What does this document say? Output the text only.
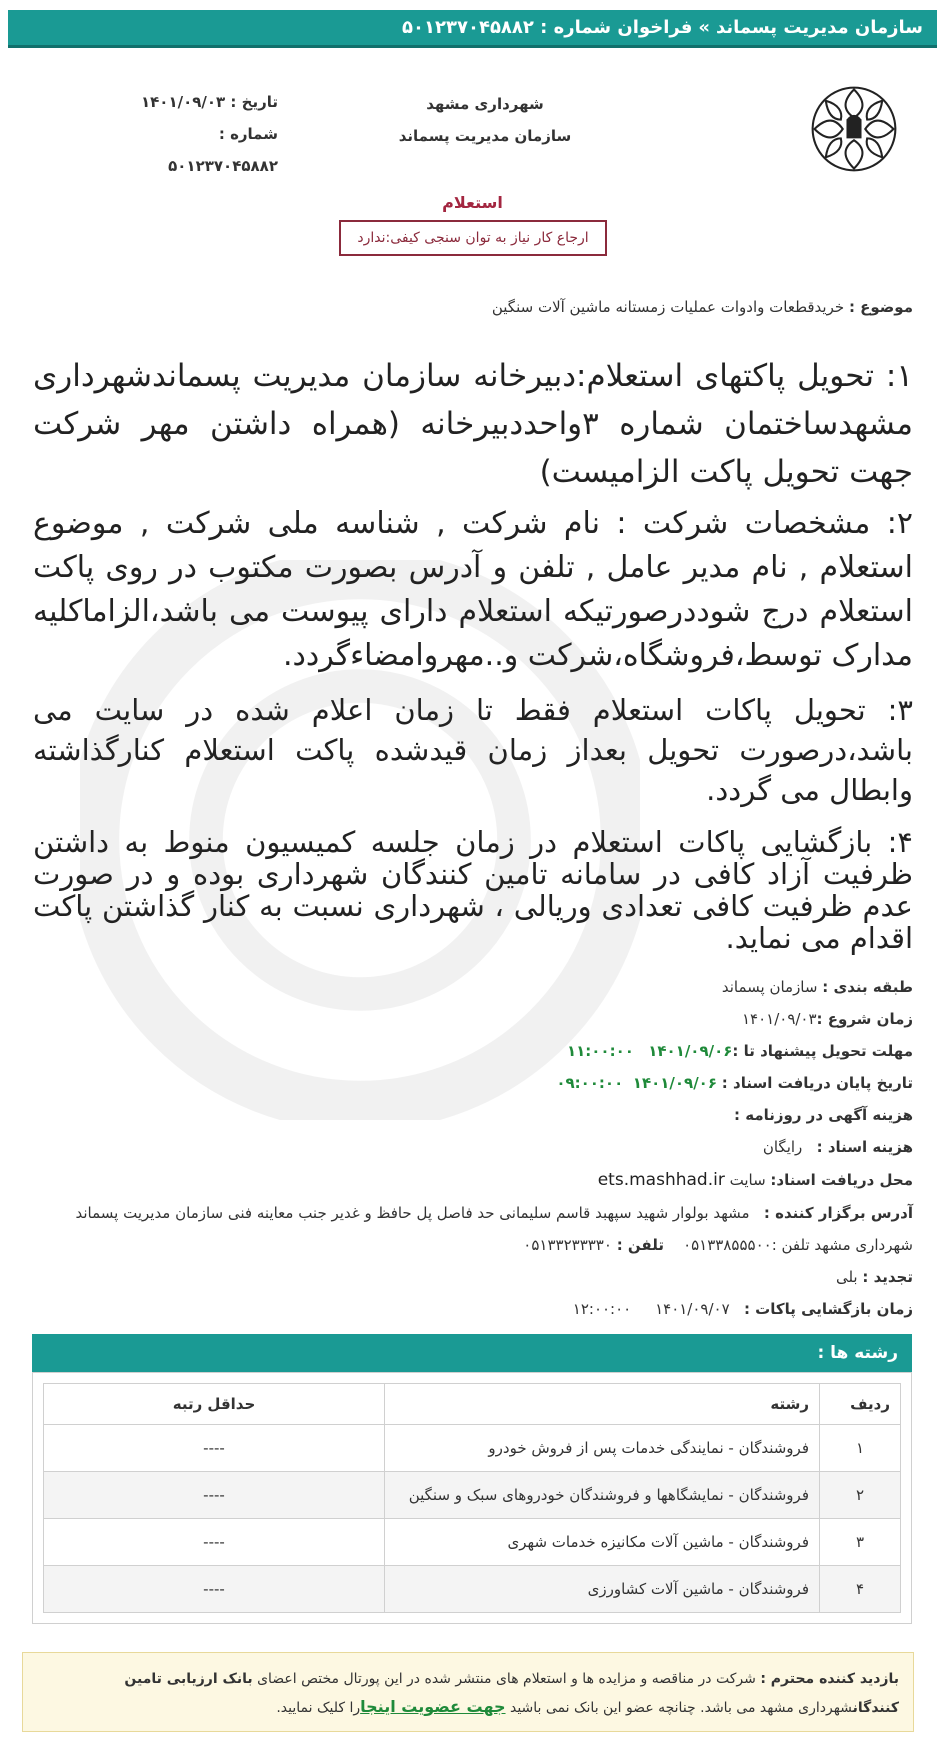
سازمان مدیریت پسماند
»
فراخوان شماره : ۵۰۱۲۳۷۰۴۵۸۸۲
شهرداری مشهد
سازمان مدیریت پسماند
تاریخ : ۱۴۰۱/۰۹/۰۳
شماره :
۵۰۱۲۳۷۰۴۵۸۸۲
استعلام
ارجاع کار نیاز به توان سنجی کیفی:ندارد
موضوع : خریدقطعات وادوات عملیات زمستانه ماشین آلات سنگین
۱: تحویل پاکتهای استعلام:دبیرخانه سازمان مدیریت پسماندشهرداری مشهدساختمان شماره ۳واحددبیرخانه (همراه داشتن مهر شرکت جهت تحویل پاکت الزامیست)
۲: مشخصات شرکت : نام شرکت , شناسه ملی شرکت , موضوع استعلام , نام مدیر عامل , تلفن و آدرس بصورت مکتوب در روی پاکت استعلام درج شوددرصورتیکه استعلام دارای پیوست می باشد،الزاماکلیه مدارک توسط،فروشگاه،شرکت و..مهروامضاءگردد.
۳: تحویل پاکات استعلام فقط تا زمان اعلام شده در سایت می باشد،درصورت تحویل بعداز زمان قیدشده پاکت استعلام کنارگذاشته وابطال می گردد.
۴: بازگشایی پاکات استعلام در زمان جلسه کمیسیون منوط به داشتن ظرفیت آزاد کافی در سامانه تامین کنندگان شهرداری بوده و در صورت عدم ظرفیت کافی تعدادی وریالی ، شهرداری نسبت به کنار گذاشتن پاکت اقدام می نماید.
طبقه بندی : سازمان پسماند
زمان شروع :۱۴۰۱/۰۹/۰۳
مهلت تحویل پیشنهاد تا :۱۴۰۱/۰۹/۰۶   ۱۱:۰۰:۰۰
تاریخ پایان دریافت اسناد : ۱۴۰۱/۰۹/۰۶  ۰۹:۰۰:۰۰
هزینه آگهی در روزنامه :
هزینه اسناد :   رایگان
محل دریافت اسناد: سایت ets.mashhad.ir
آدرس برگزار کننده :   مشهد بولوار شهید سپهبد قاسم سلیمانی حد فاصل پل حافظ و غدیر جنب معاینه فنی سازمان مدیریت پسماند
شهرداری مشهد تلفن :۰۵۱۳۳۸۵۵۵۰۰    تلفن : ۰۵۱۳۳۲۳۳۳۳۰
تجدید : بلی
زمان بازگشایی پاکات :   ۱۴۰۱/۰۹/۰۷     ۱۲:۰۰:۰۰
رشته ها :
ردیف	رشته	حداقل رتبه
۱	فروشندگان - نمایندگی خدمات پس از فروش خودرو	----
۲	فروشندگان - نمایشگاهها و فروشندگان خودروهای سبک و سنگین	----
۳	فروشندگان - ماشین آلات مکانیزه خدمات شهری	----
۴	فروشندگان - ماشین آلات کشاورزی	----
بازدید کننده محترم : شرکت در مناقصه و مزایده ها و استعلام های منتشر شده در این پورتال مختص اعضای بانک ارزیابی تامین کنندگانشهرداری مشهد می باشد. چنانچه عضو این بانک نمی باشید جهت عضویت اینجارا کلیک نمایید.
